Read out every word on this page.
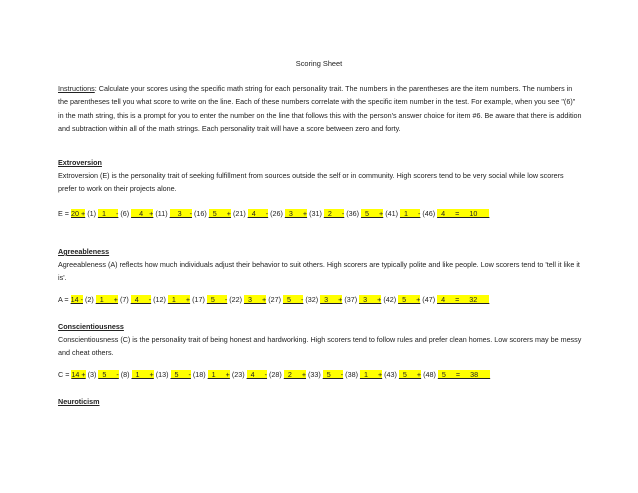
Scoring Sheet
Instructions: Calculate your scores using the specific math string for each personality trait. The numbers in the parentheses are the item numbers. The numbers in the parentheses tell you what score to write on the line. Each of these numbers correlate with the specific item number in the test. For example, when you see "(6)" in the math string, this is a prompt for you to enter the number on the line that follows this with the person's answer choice for item #6. Be aware that there is addition and subtraction within all of the math strings. Each personality trait will have a score between zero and forty.
Extroversion
Extroversion (E) is the personality trait of seeking fulfillment from sources outside the self or in community. High scorers tend to be very social while low scorers prefer to work on their projects alone.
E = 20 + (1) _1__ - (6) __4_ + (11) __3__- (16) _5__ + (21) _4__ - (26) _3__ + (31) _2__ - (36) _5__ + (41) _1__ - (46) _4__ = __10___
Agreeableness
Agreeableness (A) reflects how much individuals adjust their behavior to suit others. High scorers are typically polite and like people. Low scorers tend to 'tell it like it is'.
A = 14 - (2) _1__ + (7) _4__ - (12) _1__ + (17) _5__ - (22) _3__ + (27) _5__ - (32) _3__ + (37) _3__ + (42) _5__ + (47) _4__ = __32___
Conscientiousness
Conscientiousness (C) is the personality trait of being honest and hardworking. High scorers tend to follow rules and prefer clean homes. Low scorers may be messy and cheat others.
C = 14 + (3) _5__ - (8) _1__ + (13) _5__ - (18) _1__ + (23) _4__ - (28) _2__ + (33) _5__ - (38) _1__ + (43) _5__ + (48) _5__ = __38___
Neuroticism
